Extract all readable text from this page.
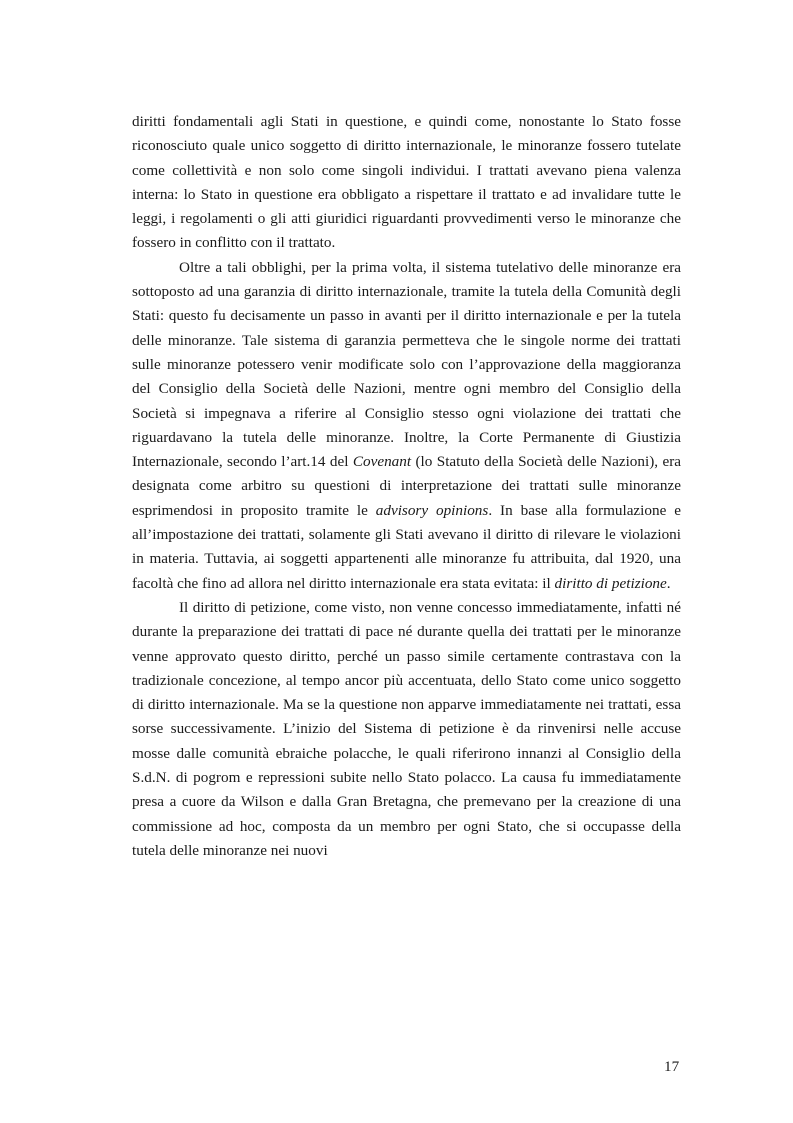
diritti fondamentali agli Stati in questione, e quindi come, nonostante lo Stato fosse riconosciuto quale unico soggetto di diritto internazionale, le minoranze fossero tutelate come collettività e non solo come singoli individui. I trattati avevano piena valenza interna: lo Stato in questione era obbligato a rispettare il trattato e ad invalidare tutte le leggi, i regolamenti o gli atti giuridici riguardanti provvedimenti verso le minoranze che fossero in conflitto con il trattato.

Oltre a tali obblighi, per la prima volta, il sistema tutelativo delle minoranze era sottoposto ad una garanzia di diritto internazionale, tramite la tutela della Comunità degli Stati: questo fu decisamente un passo in avanti per il diritto internazionale e per la tutela delle minoranze. Tale sistema di garanzia permetteva che le singole norme dei trattati sulle minoranze potessero venir modificate solo con l’approvazione della maggioranza del Consiglio della Società delle Nazioni, mentre ogni membro del Consiglio della Società si impegnava a riferire al Consiglio stesso ogni violazione dei trattati che riguardavano la tutela delle minoranze. Inoltre, la Corte Permanente di Giustizia Internazionale, secondo l’art.14 del Covenant (lo Statuto della Società delle Nazioni), era designata come arbitro su questioni di interpretazione dei trattati sulle minoranze esprimendosi in proposito tramite le advisory opinions. In base alla formulazione e all’impostazione dei trattati, solamente gli Stati avevano il diritto di rilevare le violazioni in materia. Tuttavia, ai soggetti appartenenti alle minoranze fu attribuita, dal 1920, una facoltà che fino ad allora nel diritto internazionale era stata evitata: il diritto di petizione.

Il diritto di petizione, come visto, non venne concesso immediatamente, infatti né durante la preparazione dei trattati di pace né durante quella dei trattati per le minoranze venne approvato questo diritto, perché un passo simile certamente contrastava con la tradizionale concezione, al tempo ancor più accentuata, dello Stato come unico soggetto di diritto internazionale. Ma se la questione non apparve immediatamente nei trattati, essa sorse successivamente. L’inizio del Sistema di petizione è da rinvenirsi nelle accuse mosse dalle comunità ebraiche polacche, le quali riferirono innanzi al Consiglio della S.d.N. di pogrom e repressioni subite nello Stato polacco. La causa fu immediatamente presa a cuore da Wilson e dalla Gran Bretagna, che premevano per la creazione di una commissione ad hoc, composta da un membro per ogni Stato, che si occupasse della tutela delle minoranze nei nuovi

17
